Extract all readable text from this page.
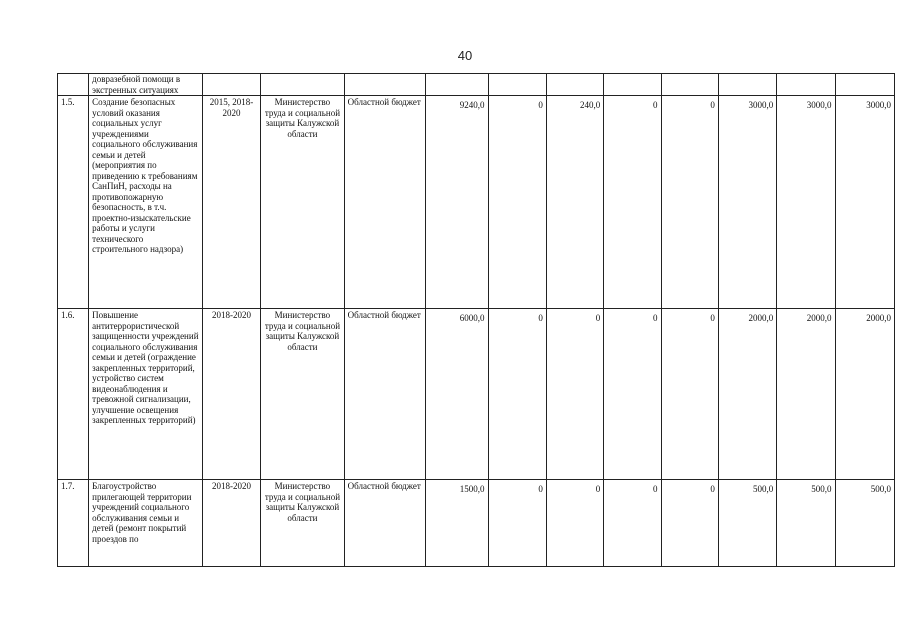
40
	довразебной помощи в экстренных ситуациях											

1.5.	Создание безопасных условий оказания социальных услуг учреждениями социального обслуживания семьи и детей (мероприятия по приведению к требованиям СанПиН, расходы на противопожарную безопасность, в т.ч. проектно-изыскательские работы и услуги технического строительного надзора)	2015, 2018-2020	Министерство труда и социальной защиты Калужской области	Областной бюджет	9240,0	0	240,0	0	0	3000,0	3000,0	3000,0

1.6.	Повышение антитеррористической защищенности учреждений социального обслуживания семьи и детей (ограждение закрепленных территорий, устройство систем видеонаблюдения и тревожной сигнализации, улучшение освещения закрепленных территорий)	2018-2020	Министерство труда и социальной защиты Калужской области	Областной бюджет	6000,0	0	0	0	0	2000,0	2000,0	2000,0

1.7.	Благоустройство прилегающей территории учреждений социального обслуживания семьи и детей (ремонт покрытий проездов по	2018-2020	Министерство труда и социальной защиты Калужской области	Областной бюджет	1500,0	0	0	0	0	500,0	500,0	500,0
